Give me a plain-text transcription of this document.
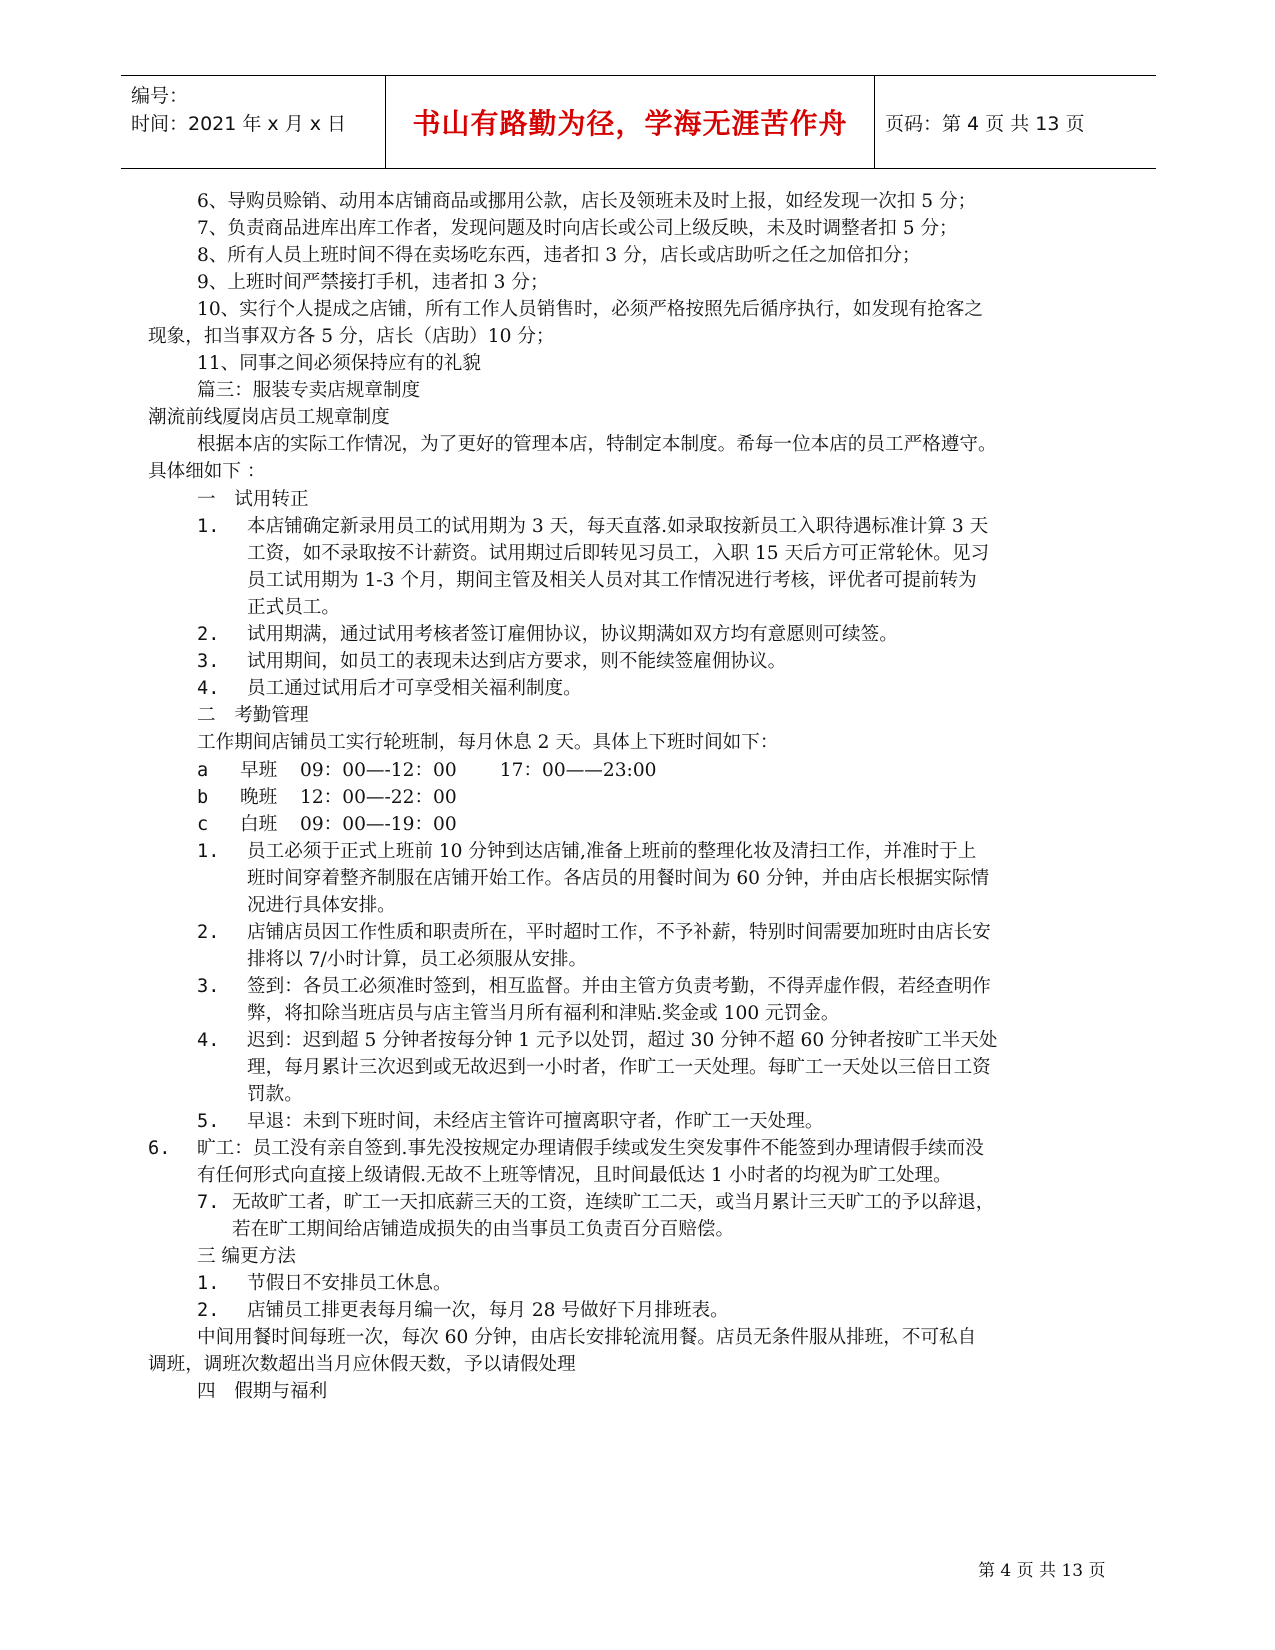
编号：
时间：2021 年 x 月 x 日 书山有路勤为径，学海无涯苦作舟 页码：第 4 页 共 13 页
6、导购员赊销、动用本店铺商品或挪用公款，店长及领班未及时上报，如经发现一次扣 5 分；
7、负责商品进库出库工作者，发现问题及时向店长或公司上级反映，未及时调整者扣 5 分；
8、所有人员上班时间不得在卖场吃东西，违者扣 3 分，店长或店助听之任之加倍扣分；
9、上班时间严禁接打手机，违者扣 3 分；
10、实行个人提成之店铺，所有工作人员销售时，必须严格按照先后循序执行，如发现有抢客之
现象，扣当事双方各 5 分，店长（店助）10 分；
11、同事之间必须保持应有的礼貌
篇三：服装专卖店规章制度
潮流前线厦岗店员工规章制度
根据本店的实际工作情况，为了更好的管理本店，特制定本制度。希每一位本店的员工严格遵守。
具体细如下 ：
一　试用转正
1. 本店铺确定新录用员工的试用期为 3 天，每天直落.如录取按新员工入职待遇标准计算 3 天
工资，如不录取按不计薪资。试用期过后即转见习员工，入职 15 天后方可正常轮休。见习
员工试用期为 1-3 个月，期间主管及相关人员对其工作情况进行考核，评优者可提前转为
正式员工。
2. 试用期满，通过试用考核者签订雇佣协议，协议期满如双方均有意愿则可续签。
3. 试用期间，如员工的表现未达到店方要求，则不能续签雇佣协议。
4. 员工通过试用后才可享受相关福利制度。
二　考勤管理
工作期间店铺员工实行轮班制，每月休息 2 天。具体上下班时间如下：
a 早班 09：00—-12：00　　 17：00——23:00
b 晚班 12：00—-22：00
c 白班 09：00—-19：00
1. 员工必须于正式上班前 10 分钟到达店铺,准备上班前的整理化妆及清扫工作，并准时于上
班时间穿着整齐制服在店铺开始工作。各店员的用餐时间为 60 分钟，并由店长根据实际情
况进行具体安排。
2. 店铺店员因工作性质和职责所在，平时超时工作，不予补薪，特别时间需要加班时由店长安
排将以 7/小时计算，员工必须服从安排。
3. 签到：各员工必须准时签到，相互监督。并由主管方负责考勤，不得弄虚作假，若经查明作
弊，将扣除当班店员与店主管当月所有福利和津贴.奖金或 100 元罚金。
4. 迟到：迟到超 5 分钟者按每分钟 1 元予以处罚，超过 30 分钟不超 60 分钟者按旷工半天处
理，每月累计三次迟到或无故迟到一小时者，作旷工一天处理。每旷工一天处以三倍日工资
罚款。
5. 早退：未到下班时间，未经店主管许可擅离职守者，作旷工一天处理。
6. 旷工：员工没有亲自签到.事先没按规定办理请假手续或发生突发事件不能签到办理请假手续而没
有任何形式向直接上级请假.无故不上班等情况，且时间最低达 1 小时者的均视为旷工处理。
7. 无故旷工者，旷工一天扣底薪三天的工资，连续旷工二天，或当月累计三天旷工的予以辞退，
若在旷工期间给店铺造成损失的由当事员工负责百分百赔偿。
三 编更方法
1. 节假日不安排员工休息。
2. 店铺员工排更表每月编一次，每月 28 号做好下月排班表。
中间用餐时间每班一次，每次 60 分钟，由店长安排轮流用餐。店员无条件服从排班，不可私自
调班，调班次数超出当月应休假天数，予以请假处理
四　假期与福利
第 4 页 共 13 页
